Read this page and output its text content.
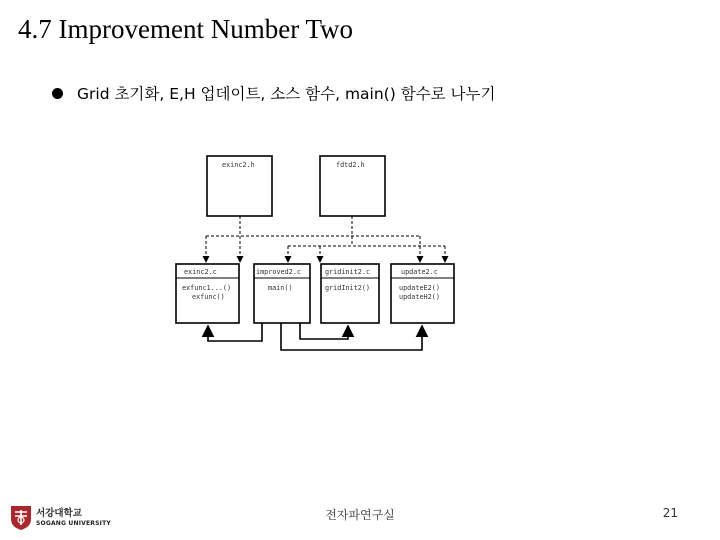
4.7 Improvement Number Two
Grid 초기화, E,H 업데이트, 소스 함수, main() 함수로 나누기
exinc2.h	fdtd2.h
exinc2.c
exfunc1...()
exfunc()
improved2.c
main()
gridinit2.c
gridInit2()
update2.c
updateE2()
updateH2()
서강대학교
SOGANG UNIVERSITY
전자파연구실	21
